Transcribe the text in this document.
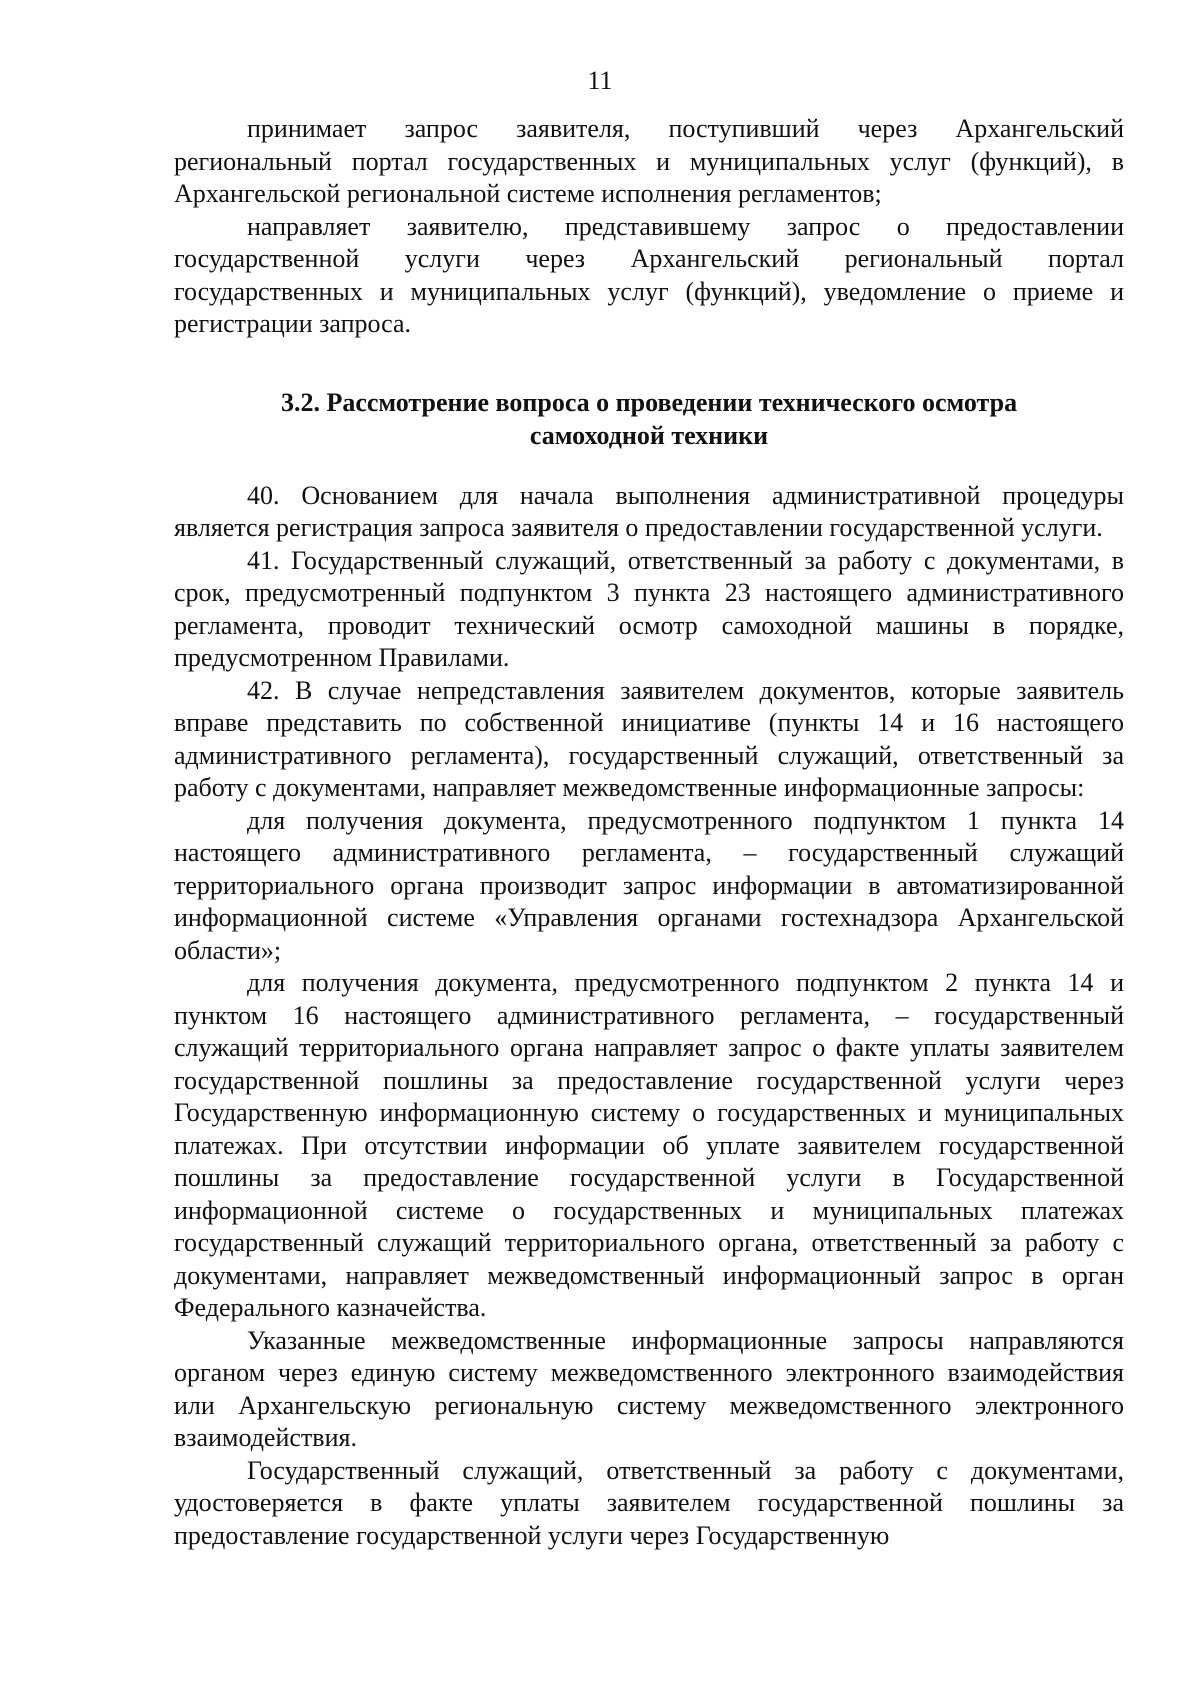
11

принимает запрос заявителя, поступивший через Архангельский региональный портал государственных и муниципальных услуг (функций), в Архангельской региональной системе исполнения регламентов;

направляет заявителю, представившему запрос о предоставлении государственной услуги через Архангельский региональный портал государственных и муниципальных услуг (функций), уведомление о приеме и регистрации запроса.

3.2. Рассмотрение вопроса о проведении технического осмотра

самоходной техники

40. Основанием для начала выполнения административной процедуры является регистрация запроса заявителя о предоставлении государственной услуги.

41. Государственный служащий, ответственный за работу с документами, в срок, предусмотренный подпунктом 3 пункта 23 настоящего административного регламента, проводит технический осмотр самоходной машины в порядке, предусмотренном Правилами.

42. В случае непредставления заявителем документов, которые заявитель вправе представить по собственной инициативе (пункты 14 и 16 настоящего административного регламента), государственный служащий, ответственный за работу с документами, направляет межведомственные информационные запросы:

для получения документа, предусмотренного подпунктом 1 пункта 14 настоящего административного регламента, – государственный служащий территориального органа производит запрос информации в автоматизированной информационной системе «Управления органами гостехнадзора Архангельской области»;

для получения документа, предусмотренного подпунктом 2 пункта 14 и пунктом 16 настоящего административного регламента, – государственный служащий территориального органа направляет запрос о факте уплаты заявителем государственной пошлины за предоставление государственной услуги через Государственную информационную систему о государственных и муниципальных платежах. При отсутствии информации об уплате заявителем государственной пошлины за предоставление государственной услуги в Государственной информационной системе о государственных и муниципальных платежах государственный служащий территориального органа, ответственный за работу с документами, направляет межведомственный информационный запрос в орган Федерального казначейства.

Указанные межведомственные информационные запросы направляются органом через единую систему межведомственного электронного взаимодействия или Архангельскую региональную систему межведомственного электронного взаимодействия.

Государственный служащий, ответственный за работу с документами, удостоверяется в факте уплаты заявителем государственной пошлины за предоставление государственной услуги через Государственную
